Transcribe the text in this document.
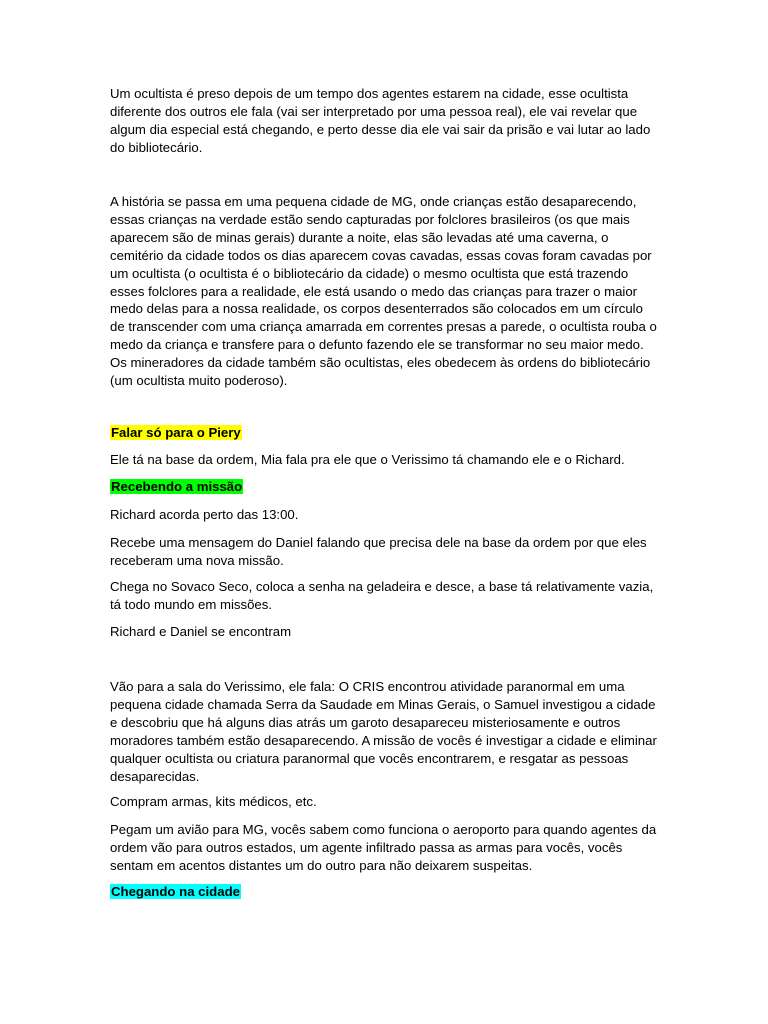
Um ocultista é preso depois de um tempo dos agentes estarem na cidade, esse ocultista diferente dos outros ele fala (vai ser interpretado por uma pessoa real), ele vai revelar que algum dia especial está chegando, e perto desse dia ele vai sair da prisão e vai lutar ao lado do bibliotecário.

A história se passa em uma pequena cidade de MG, onde crianças estão desaparecendo, essas crianças na verdade estão sendo capturadas por folclores brasileiros (os que mais aparecem são de minas gerais) durante a noite, elas são levadas até uma caverna, o cemitério da cidade todos os dias aparecem covas cavadas, essas covas foram cavadas por um ocultista (o ocultista é o bibliotecário da cidade) o mesmo ocultista que está trazendo esses folclores para a realidade, ele está usando o medo das crianças para trazer o maior medo delas para a nossa realidade, os corpos desenterrados são colocados em um círculo de transcender com uma criança amarrada em correntes presas a parede, o ocultista rouba o medo da criança e transfere para o defunto fazendo ele se transformar no seu maior medo. Os mineradores da cidade também são ocultistas, eles obedecem às ordens do bibliotecário (um ocultista muito poderoso).

Falar só para o Piery

Ele tá na base da ordem, Mia fala pra ele que o Verissimo tá chamando ele e o Richard.

Recebendo a missão

Richard acorda perto das 13:00.

Recebe uma mensagem do Daniel falando que precisa dele na base da ordem por que eles receberam uma nova missão.

Chega no Sovaco Seco, coloca a senha na geladeira e desce, a base tá relativamente vazia, tá todo mundo em missões.

Richard e Daniel se encontram

Vão para a sala do Verissimo, ele fala: O CRIS encontrou atividade paranormal em uma pequena cidade chamada Serra da Saudade em Minas Gerais, o Samuel investigou a cidade e descobriu que há alguns dias atrás um garoto desapareceu misteriosamente e outros moradores também estão desaparecendo. A missão de vocês é investigar a cidade e eliminar qualquer ocultista ou criatura paranormal que vocês encontrarem, e resgatar as pessoas desaparecidas.

Compram armas, kits médicos, etc.

Pegam um avião para MG, vocês sabem como funciona o aeroporto para quando agentes da ordem vão para outros estados, um agente infiltrado passa as armas para vocês, vocês sentam em acentos distantes um do outro para não deixarem suspeitas.

Chegando na cidade
